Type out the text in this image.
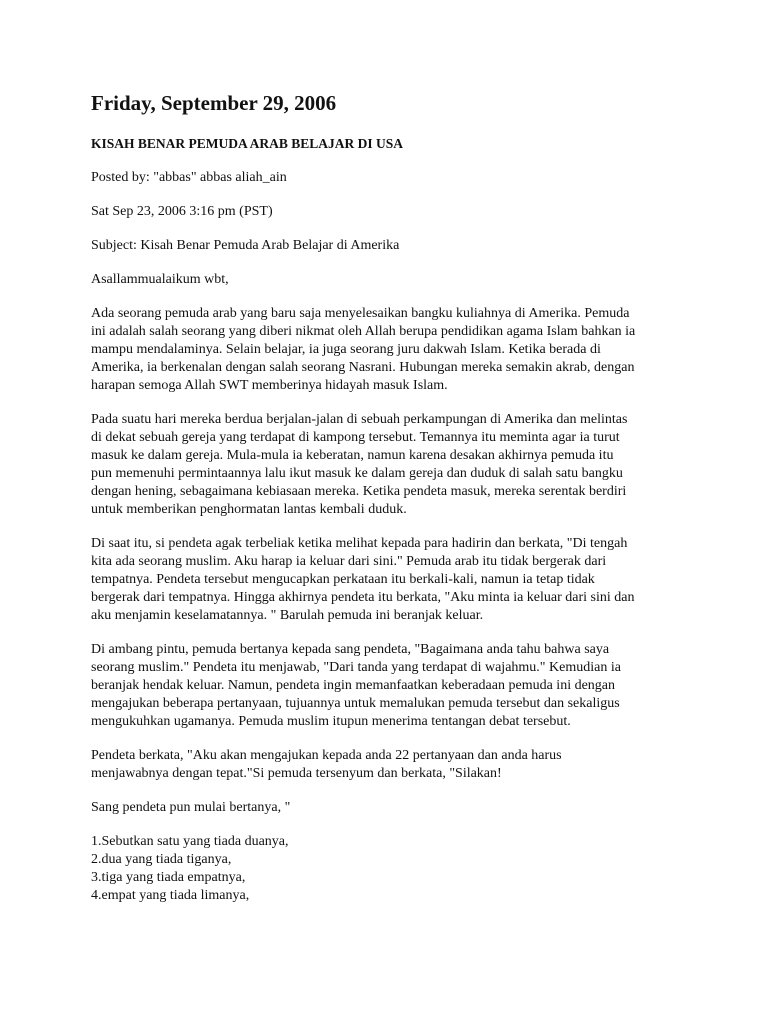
Friday, September 29, 2006
KISAH BENAR PEMUDA ARAB BELAJAR DI USA
Posted by: "abbas" abbas aliah_ain
Sat Sep 23, 2006 3:16 pm (PST)
Subject: Kisah Benar Pemuda Arab Belajar di Amerika
Asallammualaikum wbt,
Ada seorang pemuda arab yang baru saja menyelesaikan bangku kuliahnya di Amerika. Pemuda
ini adalah salah seorang yang diberi nikmat oleh Allah berupa pendidikan agama Islam bahkan ia
mampu mendalaminya. Selain belajar, ia juga seorang juru dakwah Islam. Ketika berada di
Amerika, ia berkenalan dengan salah seorang Nasrani. Hubungan mereka semakin akrab, dengan
harapan semoga Allah SWT memberinya hidayah masuk Islam.
Pada suatu hari mereka berdua berjalan-jalan di sebuah perkampungan di Amerika dan melintas
di dekat sebuah gereja yang terdapat di kampong tersebut. Temannya itu meminta agar ia turut
masuk ke dalam gereja. Mula-mula ia keberatan, namun karena desakan akhirnya pemuda itu
pun memenuhi permintaannya lalu ikut masuk ke dalam gereja dan duduk di salah satu bangku
dengan hening, sebagaimana kebiasaan mereka. Ketika pendeta masuk, mereka serentak berdiri
untuk memberikan penghormatan lantas kembali duduk.
Di saat itu, si pendeta agak terbeliak ketika melihat kepada para hadirin dan berkata, "Di tengah
kita ada seorang muslim. Aku harap ia keluar dari sini." Pemuda arab itu tidak bergerak dari
tempatnya. Pendeta tersebut mengucapkan perkataan itu berkali-kali, namun ia tetap tidak
bergerak dari tempatnya. Hingga akhirnya pendeta itu berkata, "Aku minta ia keluar dari sini dan
aku menjamin keselamatannya. " Barulah pemuda ini beranjak keluar.
Di ambang pintu, pemuda bertanya kepada sang pendeta, "Bagaimana anda tahu bahwa saya
seorang muslim." Pendeta itu menjawab, "Dari tanda yang terdapat di wajahmu." Kemudian ia
beranjak hendak keluar. Namun, pendeta ingin memanfaatkan keberadaan pemuda ini dengan
mengajukan beberapa pertanyaan, tujuannya untuk memalukan pemuda tersebut dan sekaligus
mengukuhkan ugamanya. Pemuda muslim itupun menerima tentangan debat tersebut.
Pendeta berkata, "Aku akan mengajukan kepada anda 22 pertanyaan dan anda harus
menjawabnya dengan tepat."Si pemuda tersenyum dan berkata, "Silakan!
Sang pendeta pun mulai bertanya, "
1.Sebutkan satu yang tiada duanya,
2.dua yang tiada tiganya,
3.tiga yang tiada empatnya,
4.empat yang tiada limanya,
